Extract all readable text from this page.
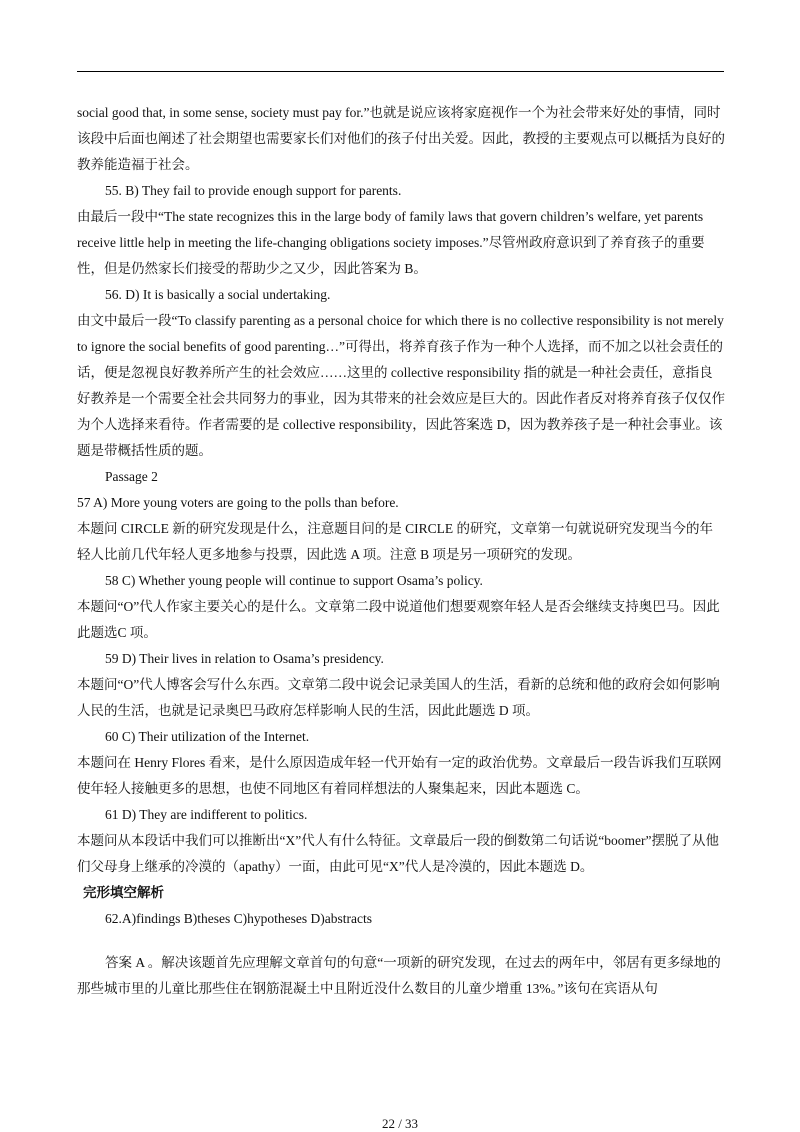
social good that, in some sense, society must pay for.”也就是说应该将家庭视作一个为社会带来好处的事情，同时该段中后面也阐述了社会期望也需要家长们对他们的孩子付出关爱。因此，教授的主要观点可以概括为良好的教养能造福于社会。

55. B) They fail to provide enough support for parents.

由最后一段中“The state recognizes this in the large body of family laws that govern children’s welfare, yet parents receive little help in meeting the life-changing obligations society imposes.”尽管州政府意识到了养育孩子的重要性，但是仍然家长们接受的帮助少之又少，因此答案为 B。

56. D) It is basically a social undertaking.

由文中最后一段“To classify parenting as a personal choice for which there is no collective responsibility is not merely to ignore the social benefits of good parenting…”可得出，将养育孩子作为一种个人选择，而不加之以社会责任的话，便是忽视良好教养所产生的社会效应……这里的 collective responsibility 指的就是一种社会责任，意指良好教养是一个需要全社会共同努力的事业，因为其带来的社会效应是巨大的。因此作者反对将养育孩子仅仅作为个人选择来看待。作者需要的是 collective responsibility，因此答案选 D，因为教养孩子是一种社会事业。该题是带概括性质的题。

Passage 2

57 A) More young voters are going to the polls than before.

本题问 CIRCLE 新的研究发现是什么，注意题目问的是 CIRCLE 的研究，文章第一句就说研究发现当今的年轻人比前几代年轻人更多地参与投票，因此选 A 项。注意 B 项是另一项研究的发现。

58 C) Whether young people will continue to support Osama’s policy.

本题问“O”代人作家主要关心的是什么。文章第二段中说道他们想要观察年轻人是否会继续支持奥巴马。因此此题选C 项。

59 D) Their lives in relation to Osama’s presidency.

本题问“O”代人博客会写什么东西。文章第二段中说会记录美国人的生活，看新的总统和他的政府会如何影响人民的生活，也就是记录奥巴马政府怎样影响人民的生活，因此此题选 D 项。

60 C) Their utilization of the Internet.

本题问在 Henry Flores 看来，是什么原因造成年轻一代开始有一定的政治优势。文章最后一段告诉我们互联网使年轻人接触更多的思想，也使不同地区有着同样想法的人聚集起来，因此本题选 C。

61 D) They are indifferent to politics.

本题问从本段话中我们可以推断出“X”代人有什么特征。文章最后一段的倒数第二句话说“boomer”摆脱了从他们父母身上继承的冷漠的（apathy）一面，由此可见“X”代人是冷漠的，因此本题选 D。

完形填空解析

62.A)findings B)theses C)hypotheses D)abstracts

答案 A 。解决该题首先应理解文章首句的句意“一项新的研究发现，在过去的两年中，邻居有更多绿地的那些城市里的儿童比那些住在钢筋混凝土中且附近没什么数目的儿童少增重 13%。”该句在宾语从句

22 / 33
